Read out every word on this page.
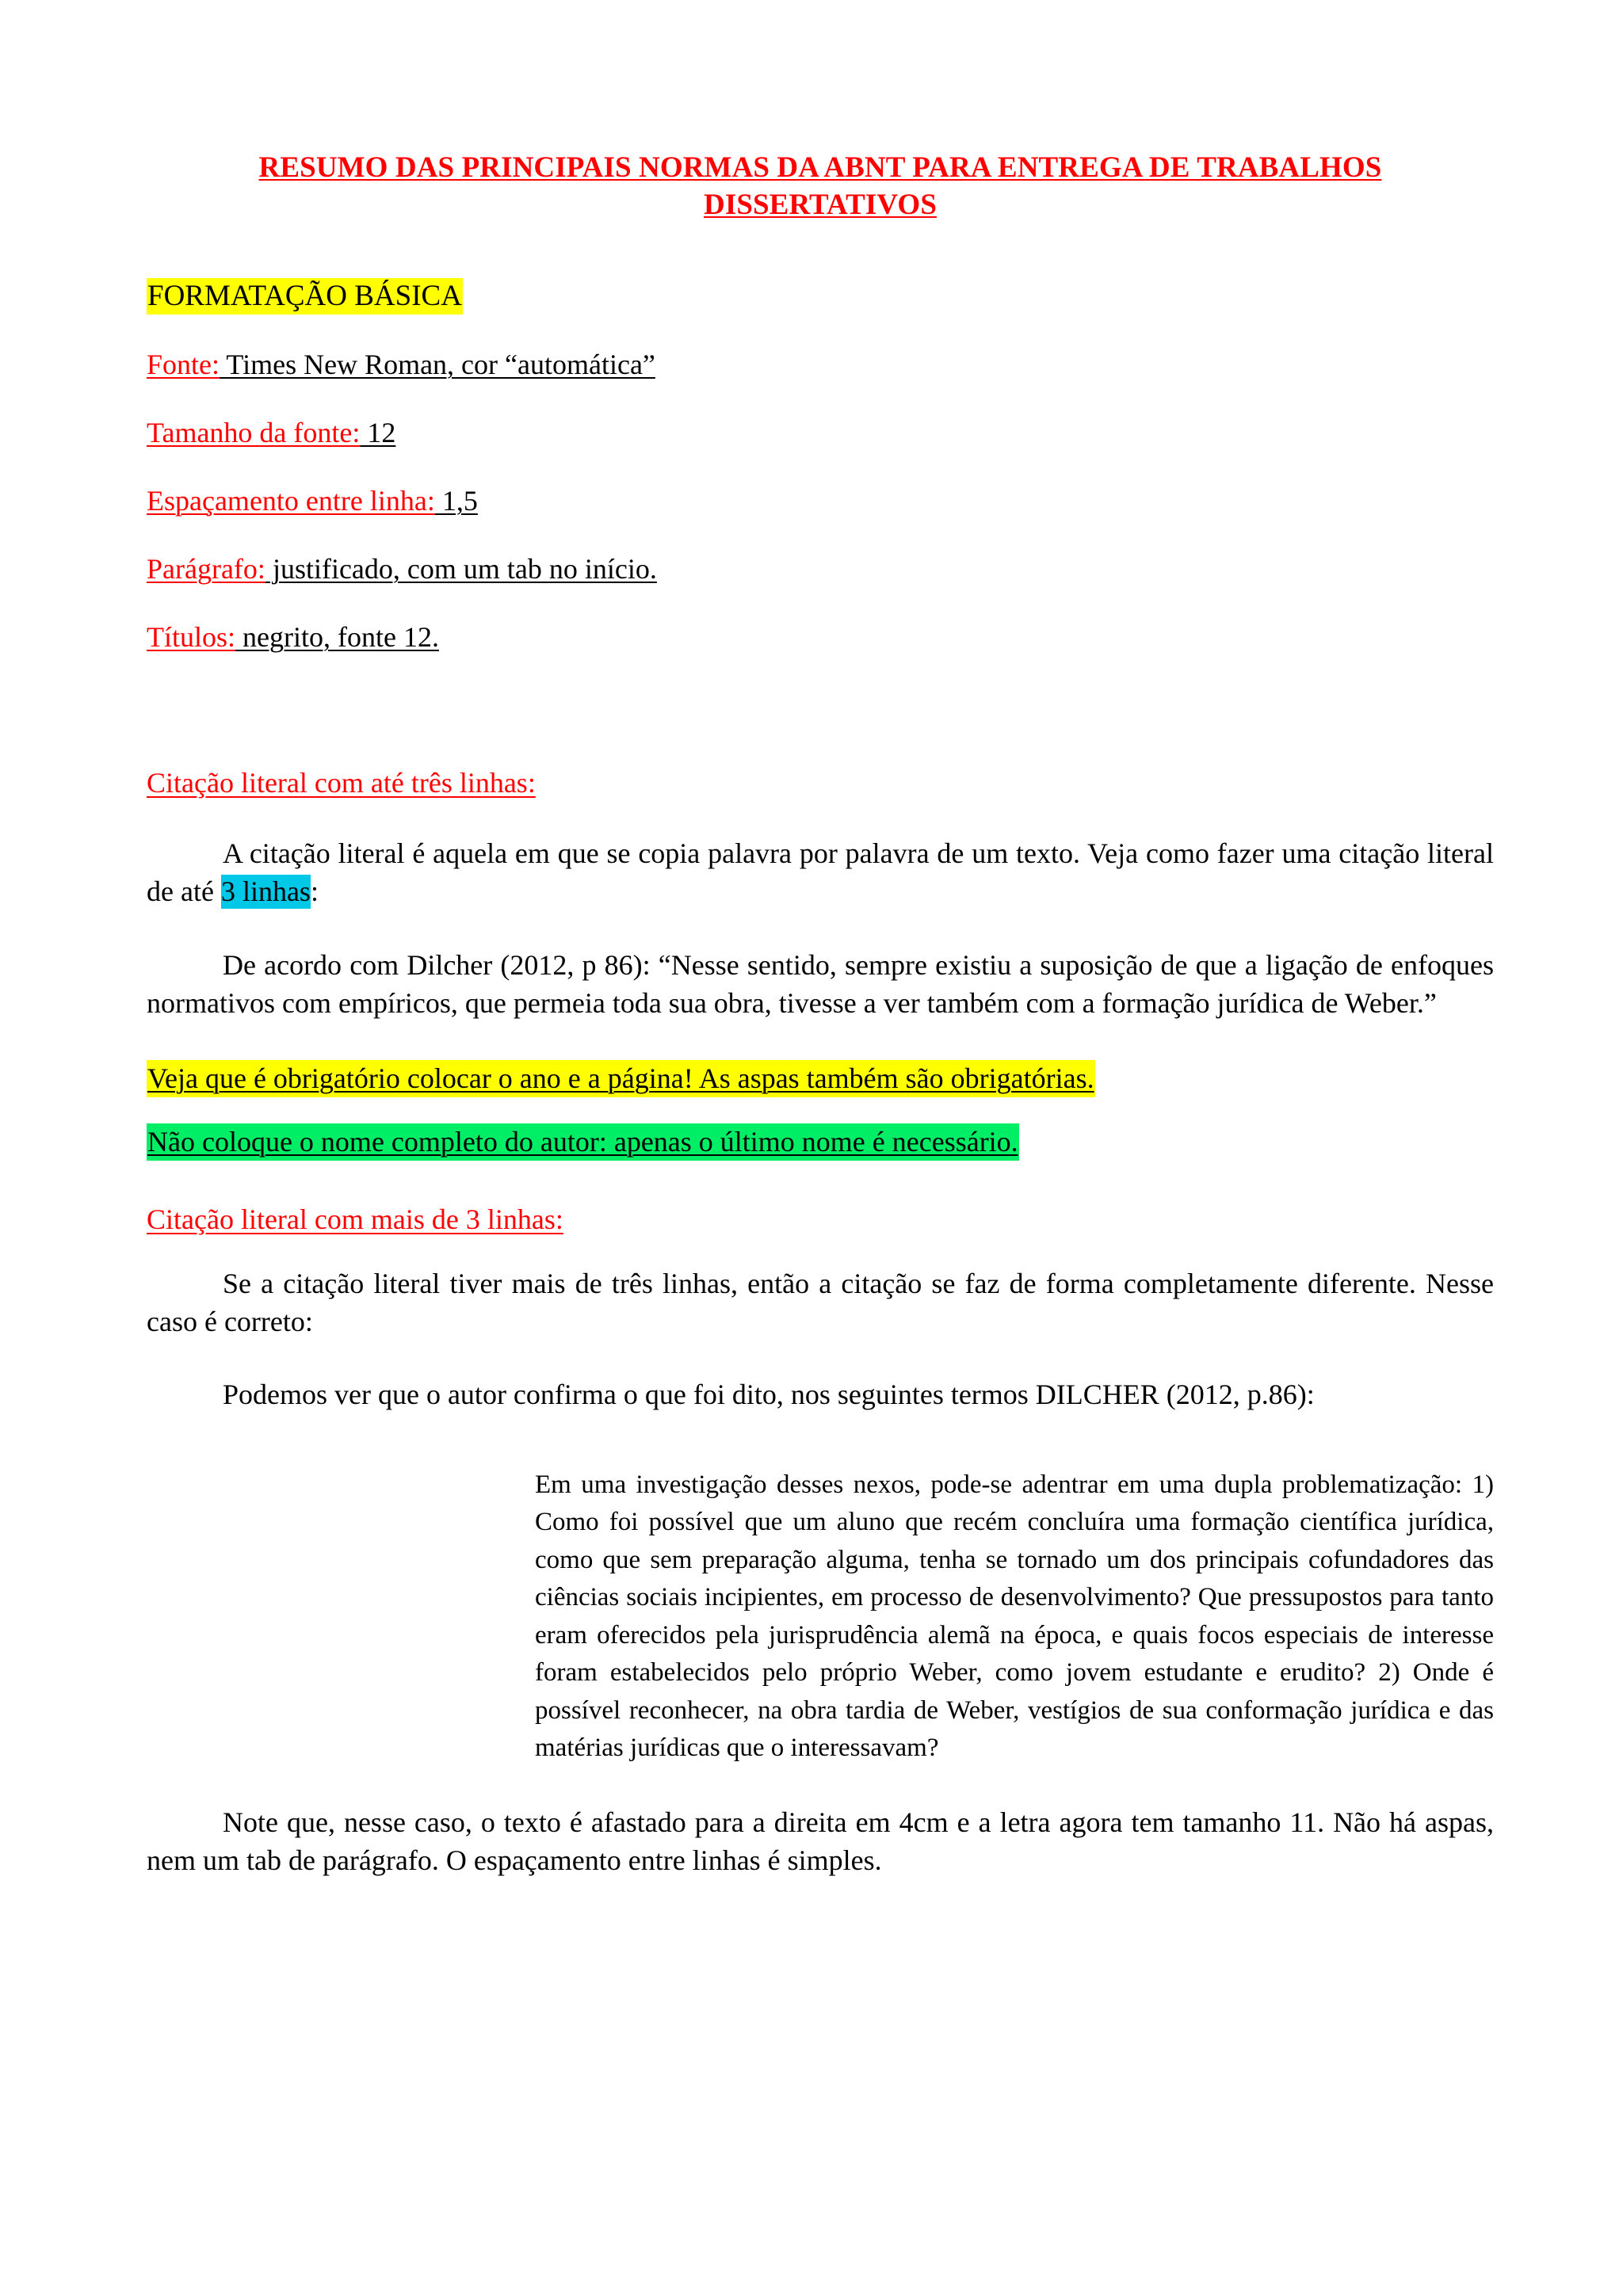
RESUMO DAS PRINCIPAIS NORMAS DA ABNT PARA ENTREGA DE TRABALHOS
DISSERTATIVOS

FORMATAÇÃO BÁSICA

Fonte: Times New Roman, cor “automática”

Tamanho da fonte: 12

Espaçamento entre linha: 1,5

Parágrafo: justificado, com um tab no início.

Títulos: negrito, fonte 12.

Citação literal com até três linhas:

A citação literal é aquela em que se copia palavra por palavra de um texto. Veja como fazer uma citação literal de até 3 linhas:

De acordo com Dilcher (2012, p 86): “Nesse sentido, sempre existiu a suposição de que a ligação de enfoques normativos com empíricos, que permeia toda sua obra, tivesse a ver também com a formação jurídica de Weber.”

Veja que é obrigatório colocar o ano e a página! As aspas também são obrigatórias.

Não coloque o nome completo do autor: apenas o último nome é necessário.

Citação literal com mais de 3 linhas:

Se a citação literal tiver mais de três linhas, então a citação se faz de forma completamente diferente. Nesse caso é correto:

Podemos ver que o autor confirma o que foi dito, nos seguintes termos DILCHER (2012, p.86):

Em uma investigação desses nexos, pode-se adentrar em uma dupla problematização: 1) Como foi possível que um aluno que recém concluíra uma formação científica jurídica, como que sem preparação alguma, tenha se tornado um dos principais cofundadores das ciências sociais incipientes, em processo de desenvolvimento? Que pressupostos para tanto eram oferecidos pela jurisprudência alemã na época, e quais focos especiais de interesse foram estabelecidos pelo próprio Weber, como jovem estudante e erudito? 2) Onde é possível reconhecer, na obra tardia de Weber, vestígios de sua conformação jurídica e das matérias jurídicas que o interessavam?

Note que, nesse caso, o texto é afastado para a direita em 4cm e a letra agora tem tamanho 11. Não há aspas, nem um tab de parágrafo. O espaçamento entre linhas é simples.
